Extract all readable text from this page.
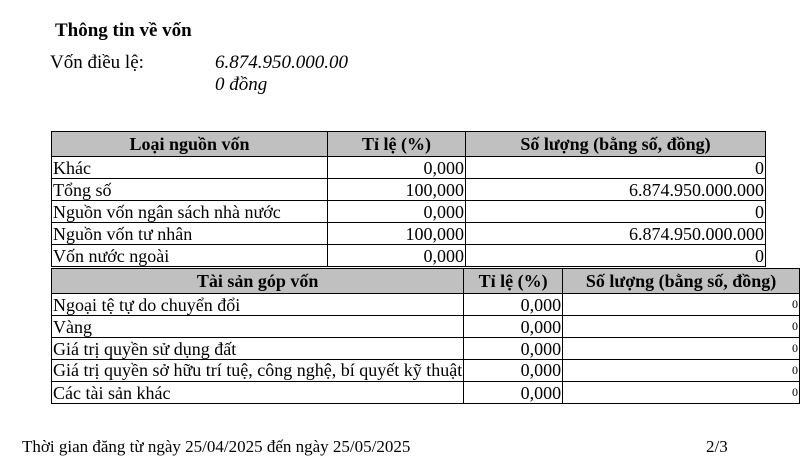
Thông tin về vốn
Vốn điều lệ:	6.874.950.000.00
0 đồng
Loại nguồn vốn	Tỉ lệ (%)	Số lượng (bằng số, đồng)
Khác	0,000	0
Tổng số	100,000	6.874.950.000.000
Nguồn vốn ngân sách nhà nước	0,000	0
Nguồn vốn tư nhân	100,000	6.874.950.000.000
Vốn nước ngoài	0,000	0
Tài sản góp vốn	Tỉ lệ (%)	Số lượng (bằng số, đồng)
Ngoại tệ tự do chuyển đổi	0,000	0
Vàng	0,000	0
Giá trị quyền sử dụng đất	0,000	0
Giá trị quyền sở hữu trí tuệ, công nghệ, bí quyết kỹ thuật	0,000	0
Các tài sản khác	0,000	0
Thời gian đăng từ ngày 25/04/2025 đến ngày 25/05/2025	2/3
